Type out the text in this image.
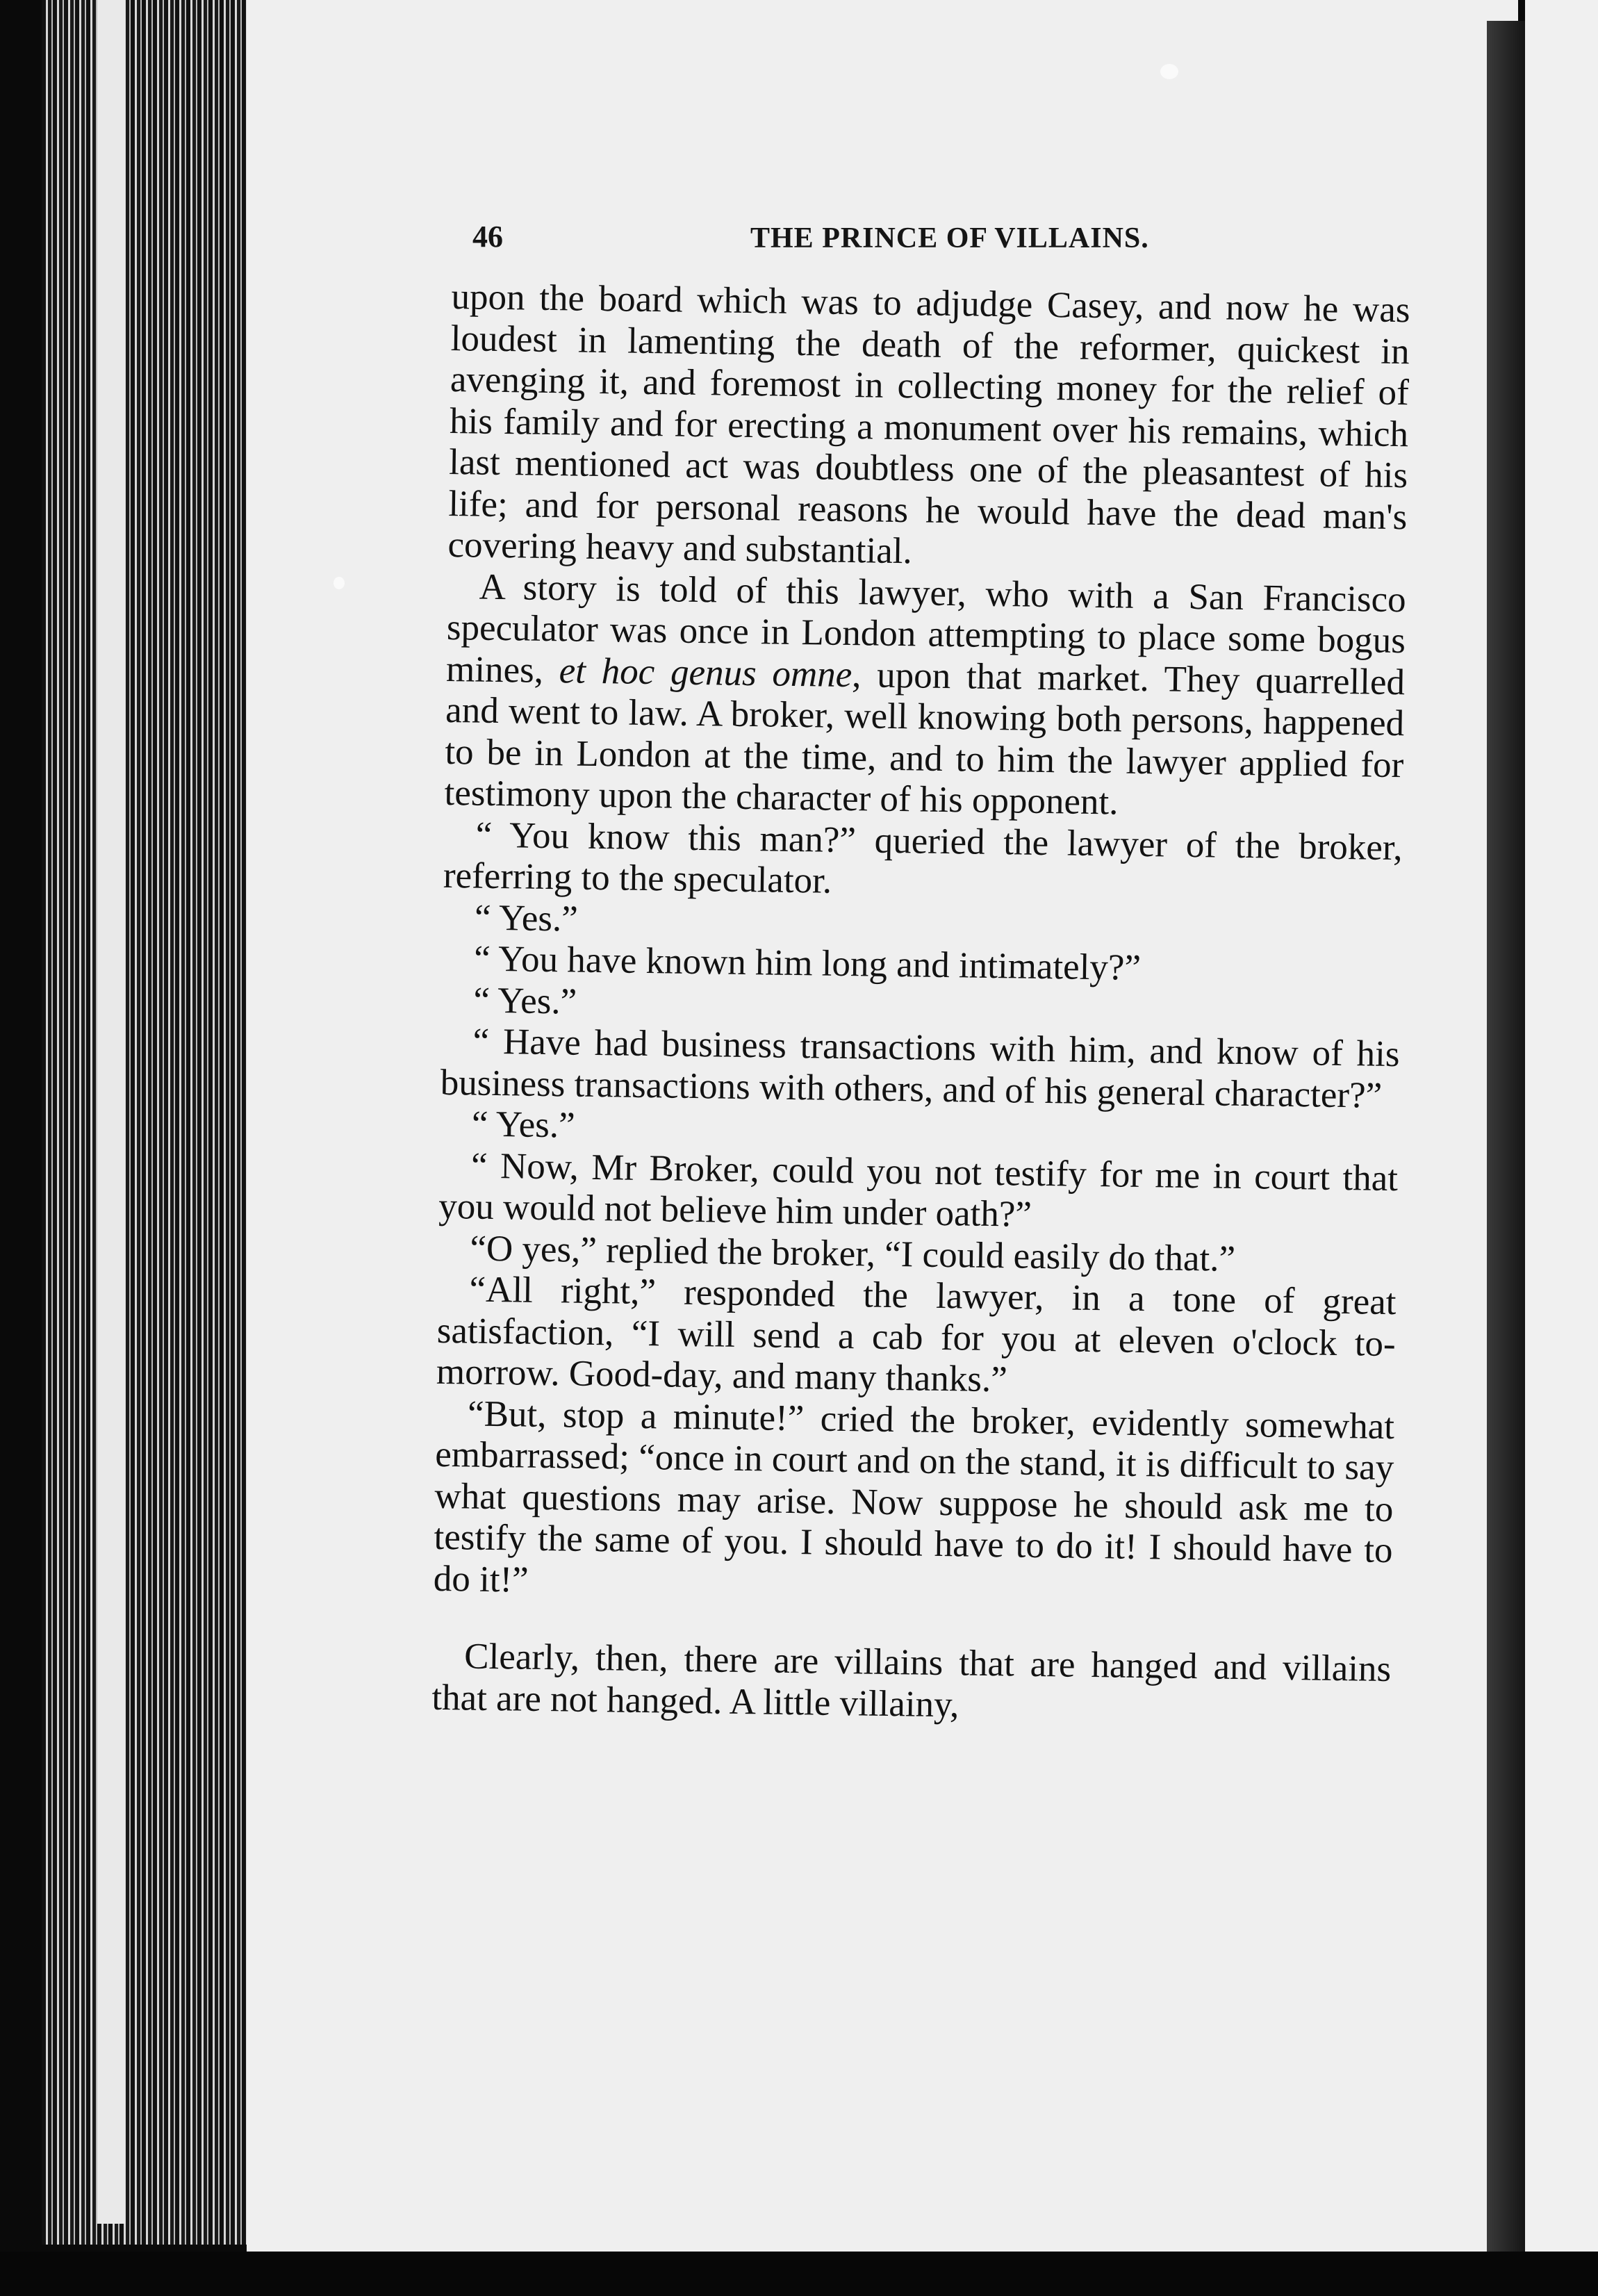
46	THE PRINCE OF VILLAINS.

upon the board which was to adjudge Casey, and now he was loudest in lamenting the death of the reformer, quickest in avenging it, and foremost in collecting money for the relief of his family and for erecting a monument over his remains, which last mentioned act was doubtless one of the pleasantest of his life; and for personal reasons he would have the dead man's covering heavy and substantial.

A story is told of this lawyer, who with a San Francisco speculator was once in London attempting to place some bogus mines, et hoc genus omne, upon that market. They quarrelled and went to law. A broker, well knowing both persons, happened to be in London at the time, and to him the lawyer applied for testimony upon the character of his opponent.

“ You know this man?” queried the lawyer of the broker, referring to the speculator.

“ Yes.”

“ You have known him long and intimately?”

“ Yes.”

“ Have had business transactions with him, and know of his business transactions with others, and of his general character?”

“ Yes.”

“ Now, Mr Broker, could you not testify for me in court that you would not believe him under oath?”

“O yes,” replied the broker, “I could easily do that.”

“All right,” responded the lawyer, in a tone of great satisfaction, “I will send a cab for you at eleven o'clock to-morrow. Good-day, and many thanks.”

“But, stop a minute!” cried the broker, evidently somewhat embarrassed; “once in court and on the stand, it is difficult to say what questions may arise. Now suppose he should ask me to testify the same of you. I should have to do it! I should have to do it!”

Clearly, then, there are villains that are hanged and villains that are not hanged. A little villainy,
